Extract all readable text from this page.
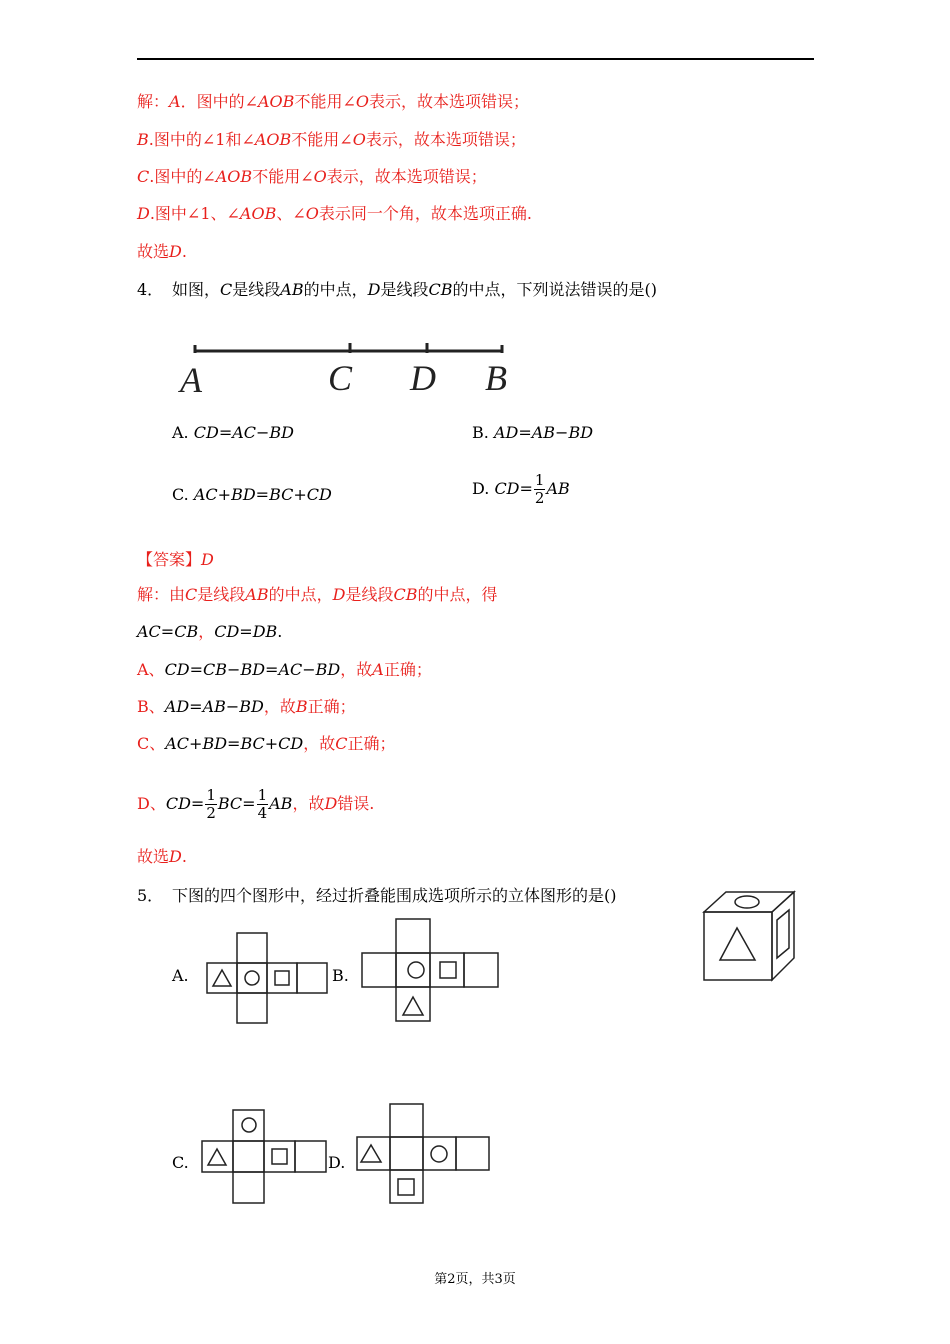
解：A．图中的∠AOB不能用∠O表示，故本选项错误；
B.图中的∠1和∠AOB不能用∠O表示，故本选项错误；
C.图中的∠AOB不能用∠O表示，故本选项错误；
D.图中∠1、∠AOB、∠O表示同一个角，故本选项正确.
故选D.
4． 如图，C是线段AB的中点，D是线段CB的中点，下列说法错误的是()
A	C D B
A. CD=AC−BD	B. AD=AB−BD
C. AC+BD=BC+CD	D. $CD= \frac{1}{2}$ AB
【答案】D
解：由C是线段AB的中点，D是线段CB的中点，得
AC=CB，CD=DB.
A、CD=CB−BD=AC−BD，故A正确；
B、AD=AB−BD，故B正确；
C、AC+BD=BC+CD，故C正确；
D、$CD= \frac{1}{2} BC= \frac{1}{4}$ AB，故D错误.
故选D.
5． 下图的四个图形中，经过折叠能围成选项所示的立体图形的是()
A.	B.
C.	D.
第2页，共3页
